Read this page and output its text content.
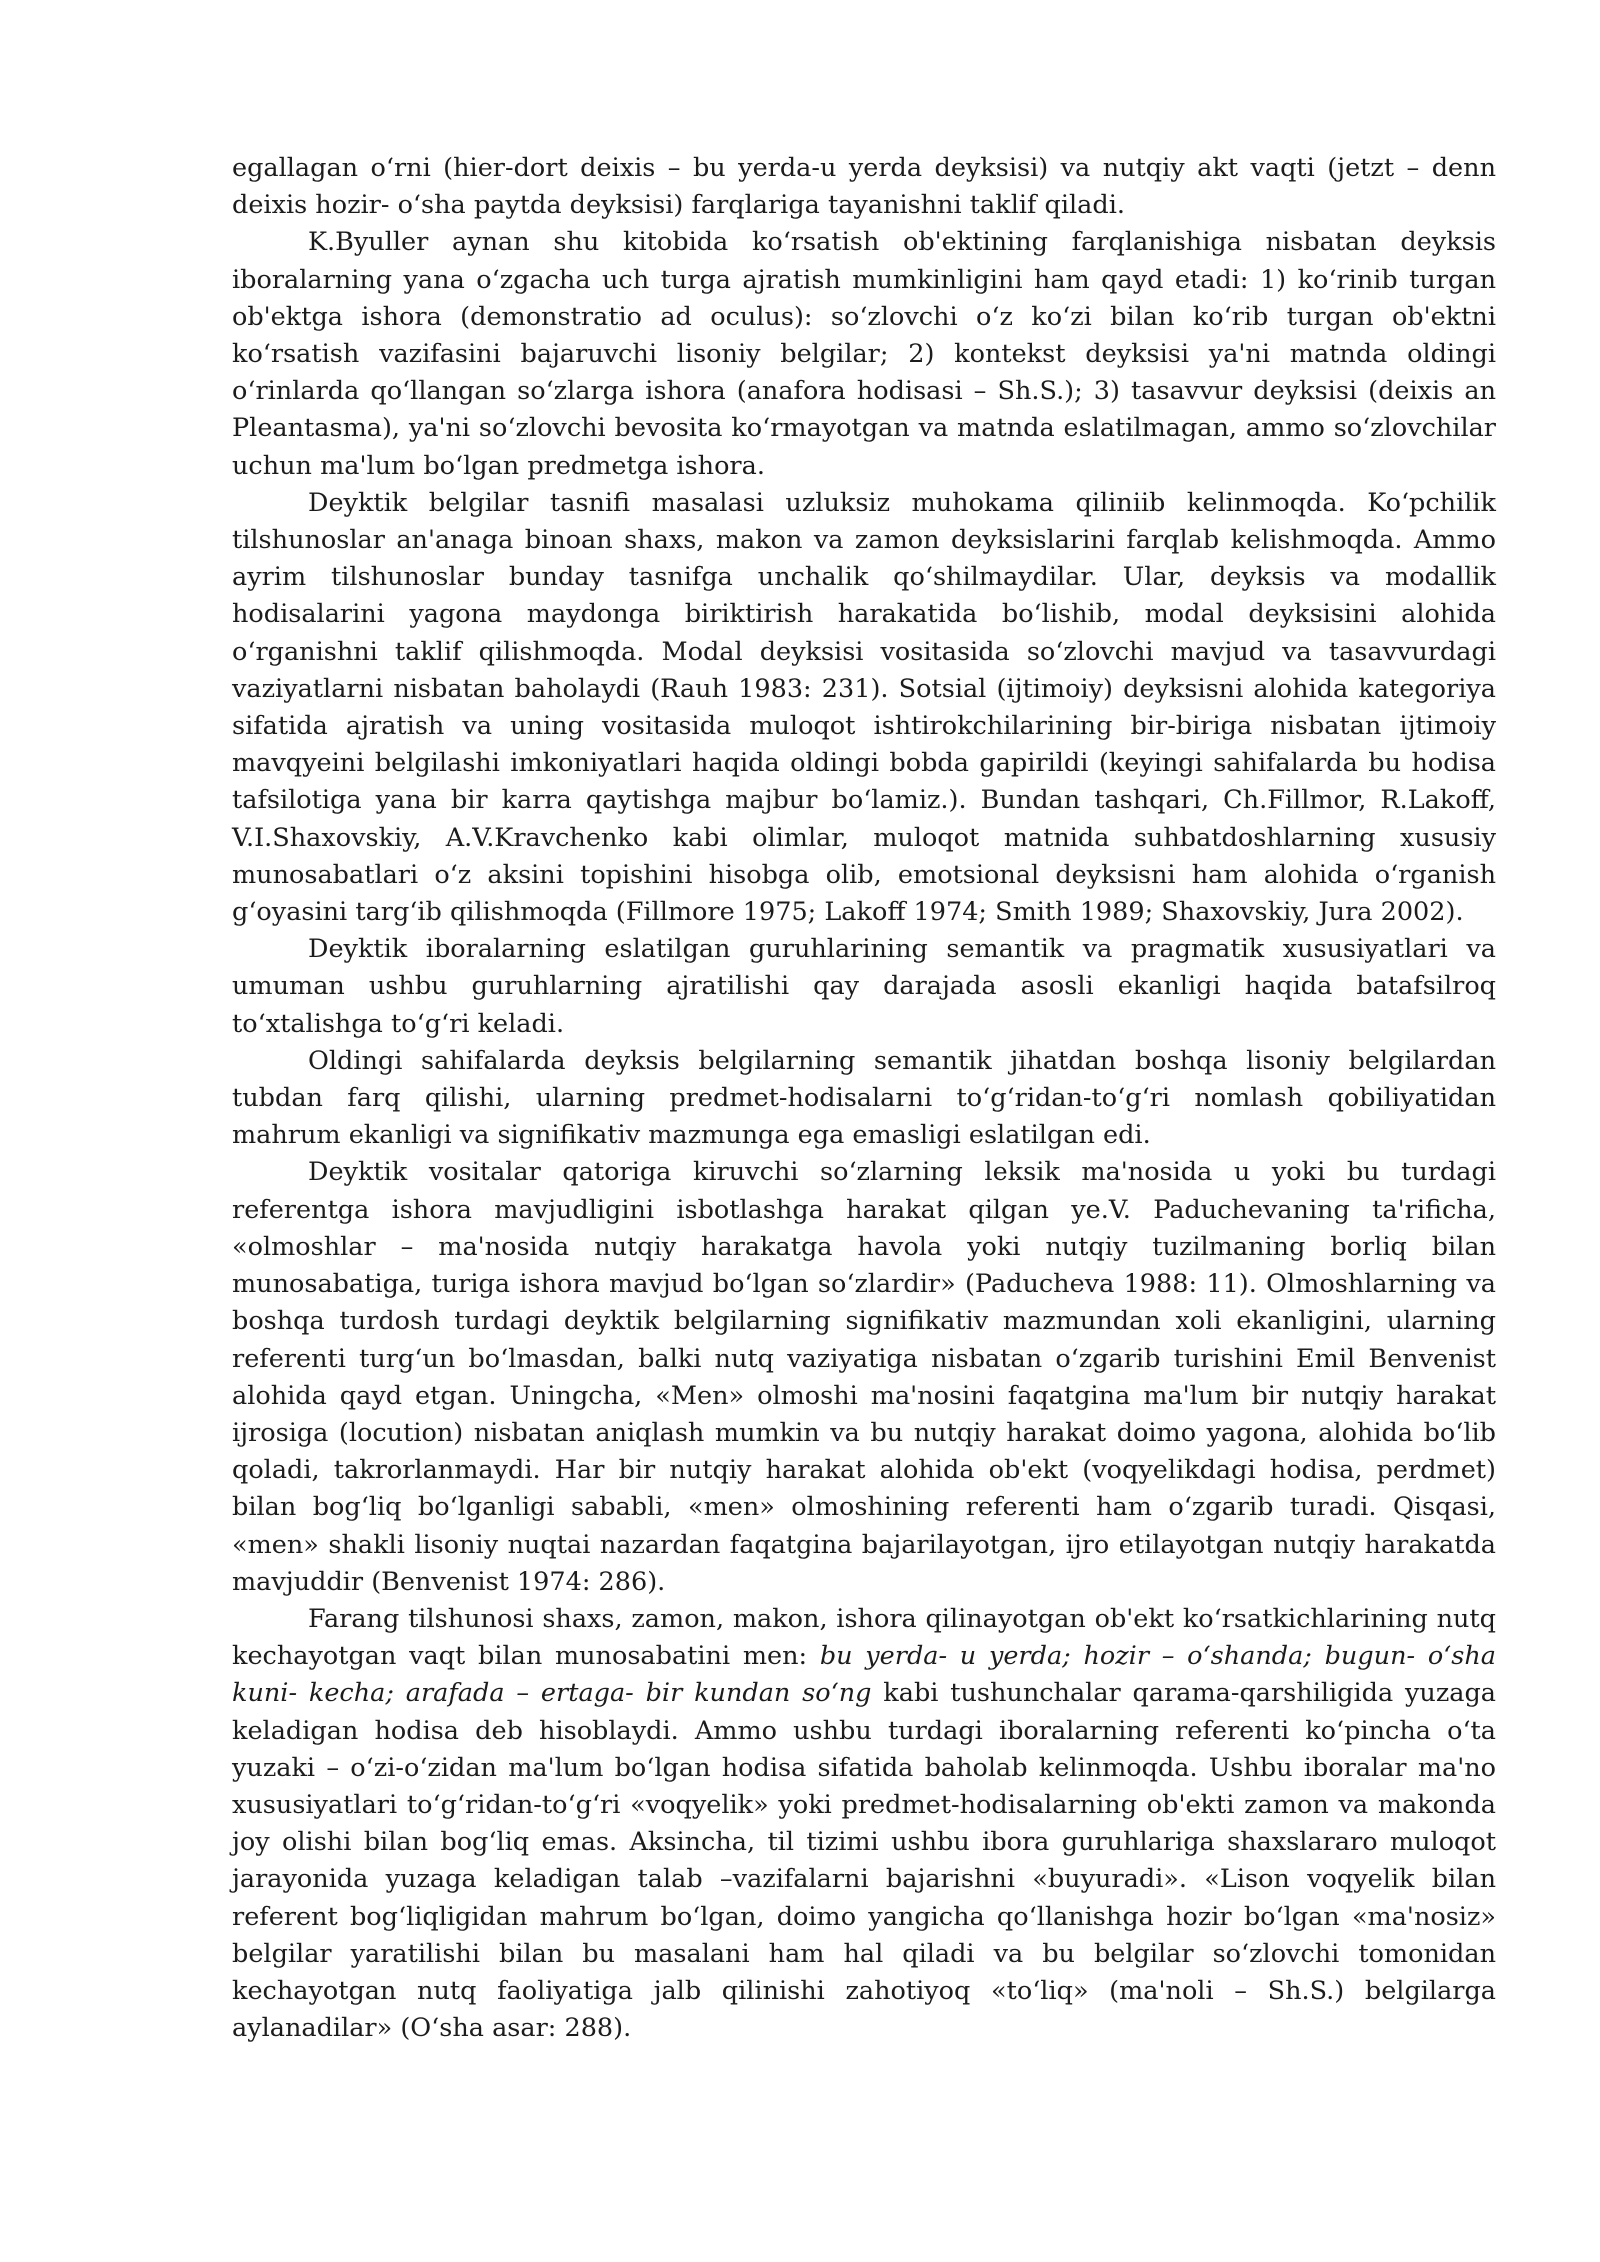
egallagan o‘rni (hier-dort deixis – bu yerda-u yerda deyksisi) va nutqiy akt vaqti (jetzt – denn deixis hozir- o‘sha paytda deyksisi) farqlariga tayanishni taklif qiladi.

K.Byuller aynan shu kitobida ko‘rsatish ob'ektining farqlanishiga nisbatan deyksis iboralarning yana o‘zgacha uch turga ajratish mumkinligini ham qayd etadi: 1) ko‘rinib turgan ob'ektga ishora (demonstratio ad oculus): so‘zlovchi o‘z ko‘zi bilan ko‘rib turgan ob'ektni ko‘rsatish vazifasini bajaruvchi lisoniy belgilar; 2) kontekst deyksisi ya'ni matnda oldingi o‘rinlarda qo‘llangan so‘zlarga ishora (anafora hodisasi – Sh.S.); 3) tasavvur deyksisi (deixis an Pleantasma), ya'ni so‘zlovchi bevosita ko‘rmayotgan va matnda eslatilmagan, ammo so‘zlovchilar uchun ma'lum bo‘lgan predmetga ishora.

Deyktik belgilar tasnifi masalasi uzluksiz muhokama qiliniib kelinmoqda. Ko‘pchilik tilshunoslar an'anaga binoan shaxs, makon va zamon deyksislarini farqlab kelishmoqda. Ammo ayrim tilshunoslar bunday tasnifga unchalik qo‘shilmaydilar. Ular, deyksis va modallik hodisalarini yagona maydonga biriktirish harakatida bo‘lishib, modal deyksisini alohida o‘rganishni taklif qilishmoqda. Modal deyksisi vositasida so‘zlovchi mavjud va tasavvurdagi vaziyatlarni nisbatan baholaydi (Rauh 1983: 231). Sotsial (ijtimoiy) deyksisni alohida kategoriya sifatida ajratish va uning vositasida muloqot ishtirokchilarining bir-biriga nisbatan ijtimoiy mavqyeini belgilashi imkoniyatlari haqida oldingi bobda gapirildi (keyingi sahifalarda bu hodisa tafsilotiga yana bir karra qaytishga majbur bo‘lamiz.). Bundan tashqari, Ch.Fillmor, R.Lakoff, V.I.Shaxovskiy, A.V.Kravchenko kabi olimlar, muloqot matnida suhbatdoshlarning xususiy munosabatlari o‘z aksini topishini hisobga olib, emotsional deyksisni ham alohida o‘rganish g‘oyasini targ‘ib qilishmoqda (Fillmore 1975; Lakoff 1974; Smith 1989; Shaxovskiy, Jura 2002).

Deyktik iboralarning eslatilgan guruhlarining semantik va pragmatik xususiyatlari va umuman ushbu guruhlarning ajratilishi qay darajada asosli ekanligi haqida batafsilroq to‘xtalishga to‘g‘ri keladi.

Oldingi sahifalarda deyksis belgilarning semantik jihatdan boshqa lisoniy belgilardan tubdan farq qilishi, ularning predmet-hodisalarni to‘g‘ridan-to‘g‘ri nomlash qobiliyatidan mahrum ekanligi va signifikativ mazmunga ega emasligi eslatilgan edi.

Deyktik vositalar qatoriga kiruvchi so‘zlarning leksik ma'nosida u yoki bu turdagi referentga ishora mavjudligini isbotlashga harakat qilgan ye.V. Paduchevaning ta'rificha, «olmoshlar – ma'nosida nutqiy harakatga havola yoki nutqiy tuzilmaning borliq bilan munosabatiga, turiga ishora mavjud bo‘lgan so‘zlardir» (Paducheva 1988: 11). Olmoshlarning va boshqa turdosh turdagi deyktik belgilarning signifikativ mazmundan xoli ekanligini, ularning referenti turg‘un bo‘lmasdan, balki nutq vaziyatiga nisbatan o‘zgarib turishini Emil Benvenist alohida qayd etgan. Uningcha, «Men» olmoshi ma'nosini faqatgina ma'lum bir nutqiy harakat ijrosiga (locution) nisbatan aniqlash mumkin va bu nutqiy harakat doimo yagona, alohida bo‘lib qoladi, takrorlanmaydi. Har bir nutqiy harakat alohida ob'ekt (voqyelikdagi hodisa, perdmet) bilan bog‘liq bo‘lganligi sababli, «men» olmoshining referenti ham o‘zgarib turadi. Qisqasi, «men» shakli lisoniy nuqtai nazardan faqatgina bajarilayotgan, ijro etilayotgan nutqiy harakatda mavjuddir (Benvenist 1974: 286).

Farang tilshunosi shaxs, zamon, makon, ishora qilinayotgan ob'ekt ko‘rsatkichlarining nutq kechayotgan vaqt bilan munosabatini men: bu yerda- u yerda; hozir – o‘shanda; bugun- o‘sha kuni- kecha; arafada – ertaga- bir kundan so‘ng kabi tushunchalar qarama-qarshiligida yuzaga keladigan hodisa deb hisoblaydi. Ammo ushbu turdagi iboralarning referenti ko‘pincha o‘ta yuzaki – o‘zi-o‘zidan ma'lum bo‘lgan hodisa sifatida baholab kelinmoqda. Ushbu iboralar ma'no xususiyatlari to‘g‘ridan-to‘g‘ri «voqyelik» yoki predmet-hodisalarning ob'ekti zamon va makonda joy olishi bilan bog‘liq emas. Aksincha, til tizimi ushbu ibora guruhlariga shaxslararo muloqot jarayonida yuzaga keladigan talab –vazifalarni bajarishni «buyuradi». «Lison voqyelik bilan referent bog‘liqligidan mahrum bo‘lgan, doimo yangicha qo‘llanishga hozir bo‘lgan «ma'nosiz» belgilar yaratilishi bilan bu masalani ham hal qiladi va bu belgilar so‘zlovchi tomonidan kechayotgan nutq faoliyatiga jalb qilinishi zahotiyoq «to‘liq» (ma'noli – Sh.S.) belgilarga aylanadilar» (O‘sha asar: 288).
